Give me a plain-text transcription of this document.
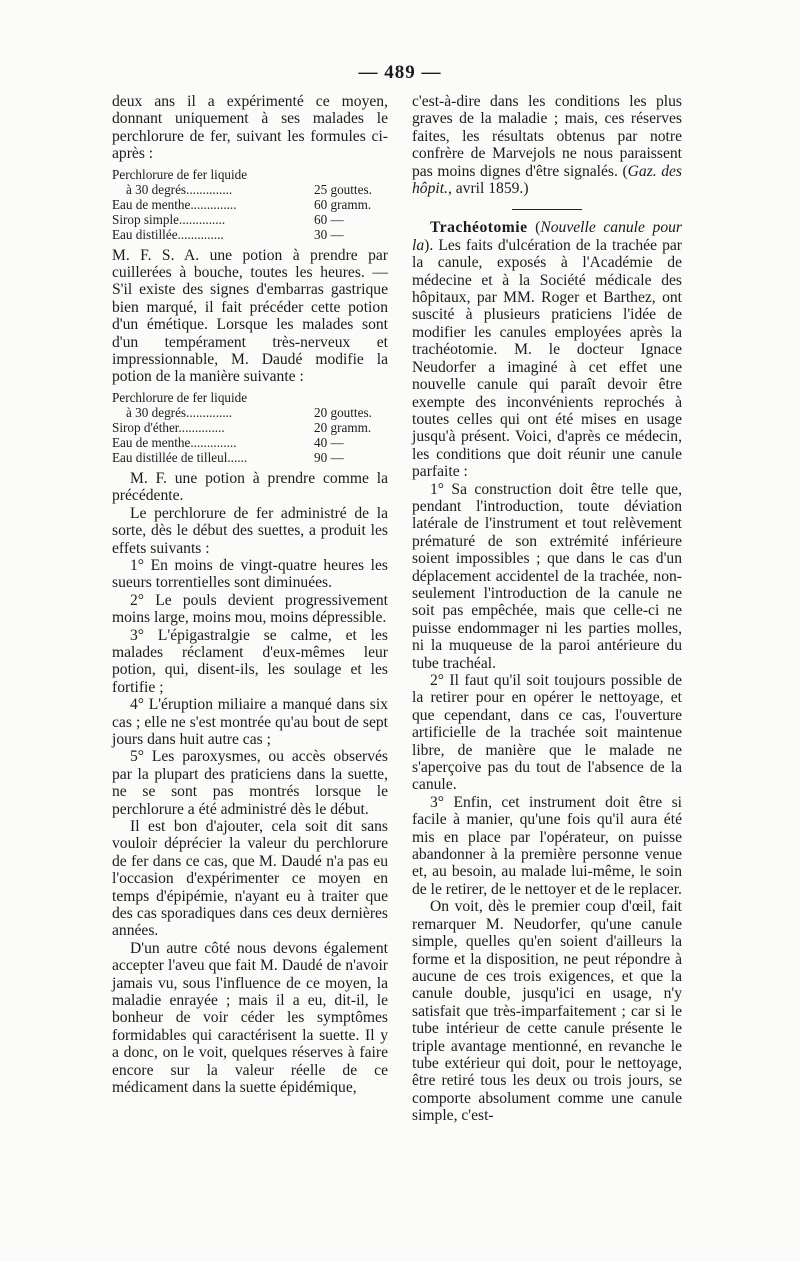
— 489 —

deux ans il a expérimenté ce moyen, donnant uniquement à ses malades le perchlorure de fer, suivant les formules ci-après :

Perchlorure de fer liquide
à 30 degrés..............	25 gouttes.
Eau de menthe..............	60 gramm.
Sirop simple..............	60 —
Eau distillée..............	30 —

M. F. S. A. une potion à prendre par cuillerées à bouche, toutes les heures. — S'il existe des signes d'embarras gastrique bien marqué, il fait précéder cette potion d'un émétique. Lorsque les malades sont d'un tempérament très-nerveux et impressionnable, M. Daudé modifie la potion de la manière suivante :

Perchlorure de fer liquide
à 30 degrés..............	20 gouttes.
Sirop d'éther..............	20 gramm.
Eau de menthe..............	40 —
Eau distillée de tilleul......	90 —

M. F. une potion à prendre comme la précédente.

Le perchlorure de fer administré de la sorte, dès le début des suettes, a produit les effets suivants :

1° En moins de vingt-quatre heures les sueurs torrentielles sont diminuées.

2° Le pouls devient progressivement moins large, moins mou, moins dépressible.

3° L'épigastralgie se calme, et les malades réclament d'eux-mêmes leur potion, qui, disent-ils, les soulage et les fortifie ;

4° L'éruption miliaire a manqué dans six cas ; elle ne s'est montrée qu'au bout de sept jours dans huit autre cas ;

5° Les paroxysmes, ou accès observés par la plupart des praticiens dans la suette, ne se sont pas montrés lorsque le perchlorure a été administré dès le début.

Il est bon d'ajouter, cela soit dit sans vouloir déprécier la valeur du perchlorure de fer dans ce cas, que M. Daudé n'a pas eu l'occasion d'expérimenter ce moyen en temps d'épipémie, n'ayant eu à traiter que des cas sporadiques dans ces deux dernières années.

D'un autre côté nous devons également accepter l'aveu que fait M. Daudé de n'avoir jamais vu, sous l'influence de ce moyen, la maladie enrayée ; mais il a eu, dit-il, le bonheur de voir céder les symptômes formidables qui caractérisent la suette. Il y a donc, on le voit, quelques réserves à faire encore sur la valeur réelle de ce médicament dans la suette épidémique,

c'est-à-dire dans les conditions les plus graves de la maladie ; mais, ces réserves faites, les résultats obtenus par notre confrère de Marvejols ne nous paraissent pas moins dignes d'être signalés. (Gaz. des hôpit., avril 1859.)

Trachéotomie (Nouvelle canule pour la). Les faits d'ulcération de la trachée par la canule, exposés à l'Académie de médecine et à la Société médicale des hôpitaux, par MM. Roger et Barthez, ont suscité à plusieurs praticiens l'idée de modifier les canules employées après la trachéotomie. M. le docteur Ignace Neudorfer a imaginé à cet effet une nouvelle canule qui paraît devoir être exempte des inconvénients reprochés à toutes celles qui ont été mises en usage jusqu'à présent. Voici, d'après ce médecin, les conditions que doit réunir une canule parfaite :

1° Sa construction doit être telle que, pendant l'introduction, toute déviation latérale de l'instrument et tout relèvement prématuré de son extrémité inférieure soient impossibles ; que dans le cas d'un déplacement accidentel de la trachée, non-seulement l'introduction de la canule ne soit pas empêchée, mais que celle-ci ne puisse endommager ni les parties molles, ni la muqueuse de la paroi antérieure du tube trachéal.

2° Il faut qu'il soit toujours possible de la retirer pour en opérer le nettoyage, et que cependant, dans ce cas, l'ouverture artificielle de la trachée soit maintenue libre, de manière que le malade ne s'aperçoive pas du tout de l'absence de la canule.

3° Enfin, cet instrument doit être si facile à manier, qu'une fois qu'il aura été mis en place par l'opérateur, on puisse abandonner à la première personne venue et, au besoin, au malade lui-même, le soin de le retirer, de le nettoyer et de le replacer.

On voit, dès le premier coup d'œil, fait remarquer M. Neudorfer, qu'une canule simple, quelles qu'en soient d'ailleurs la forme et la disposition, ne peut répondre à aucune de ces trois exigences, et que la canule double, jusqu'ici en usage, n'y satisfait que très-imparfaitement ; car si le tube intérieur de cette canule présente le triple avantage mentionné, en revanche le tube extérieur qui doit, pour le nettoyage, être retiré tous les deux ou trois jours, se comporte absolument comme une canule simple, c'est-
